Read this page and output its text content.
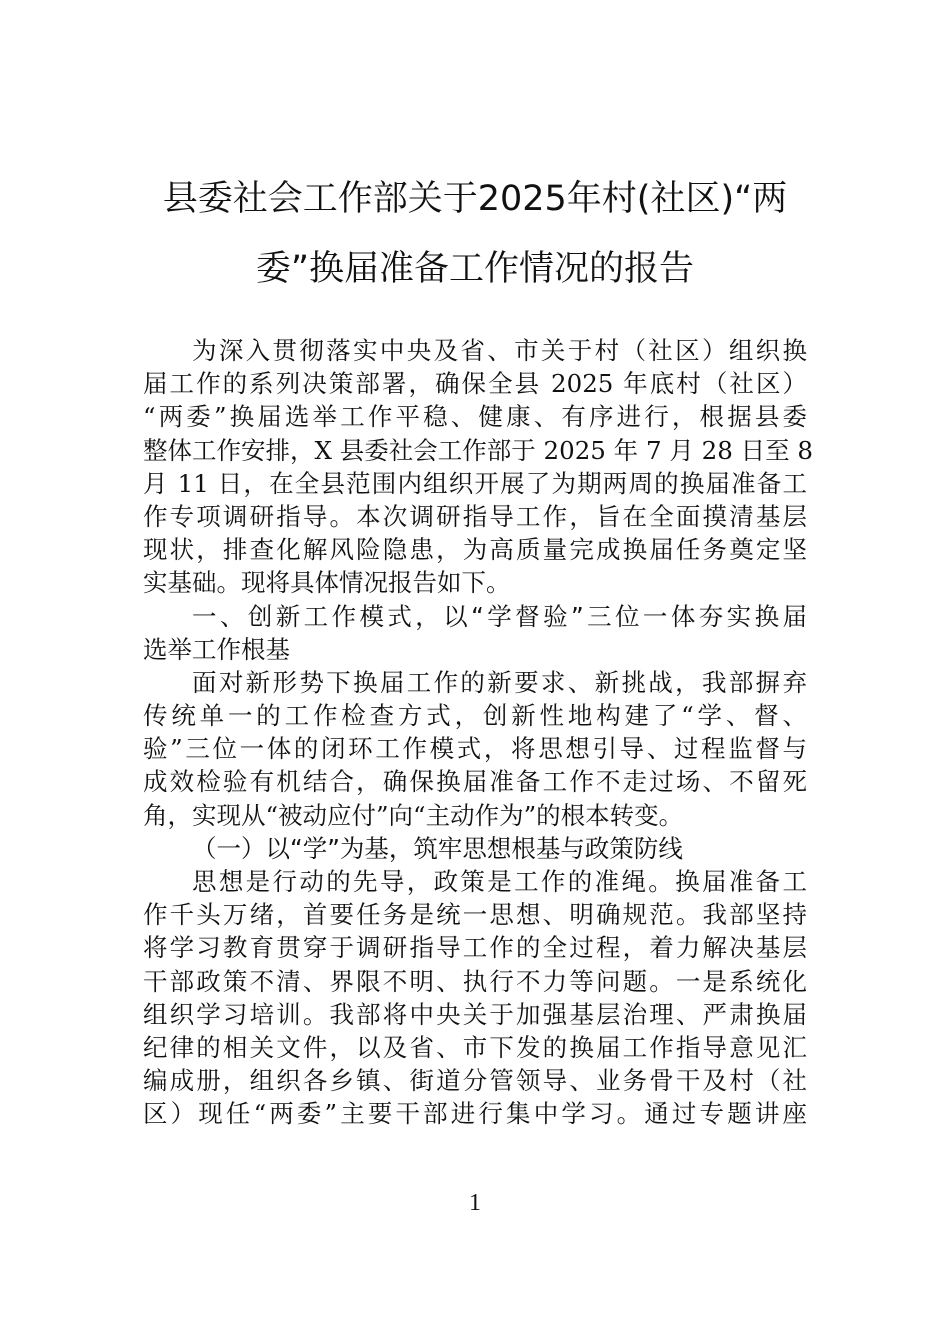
县委社会工作部关于2025年村(社区)“两
委”换届准备工作情况的报告
为深入贯彻落实中央及省、市关于村（社区）组织换
届工作的系列决策部署，确保全县 2025 年底村（社区）
“两委”换届选举工作平稳、健康、有序进行，根据县委
整体工作安排，X 县委社会工作部于 2025 年 7 月 28 日至 8
月 11 日，在全县范围内组织开展了为期两周的换届准备工
作专项调研指导。本次调研指导工作，旨在全面摸清基层
现状，排查化解风险隐患，为高质量完成换届任务奠定坚
实基础。现将具体情况报告如下。
一、创新工作模式，以“学督验”三位一体夯实换届
选举工作根基
面对新形势下换届工作的新要求、新挑战，我部摒弃
传统单一的工作检查方式，创新性地构建了“学、督、
验”三位一体的闭环工作模式，将思想引导、过程监督与
成效检验有机结合，确保换届准备工作不走过场、不留死
角，实现从“被动应付”向“主动作为”的根本转变。
（一）以“学”为基，筑牢思想根基与政策防线
思想是行动的先导，政策是工作的准绳。换届准备工
作千头万绪，首要任务是统一思想、明确规范。我部坚持
将学习教育贯穿于调研指导工作的全过程，着力解决基层
干部政策不清、界限不明、执行不力等问题。一是系统化
组织学习培训。我部将中央关于加强基层治理、严肃换届
纪律的相关文件，以及省、市下发的换届工作指导意见汇
编成册，组织各乡镇、街道分管领导、业务骨干及村（社
区）现任“两委”主要干部进行集中学习。通过专题讲座
1
